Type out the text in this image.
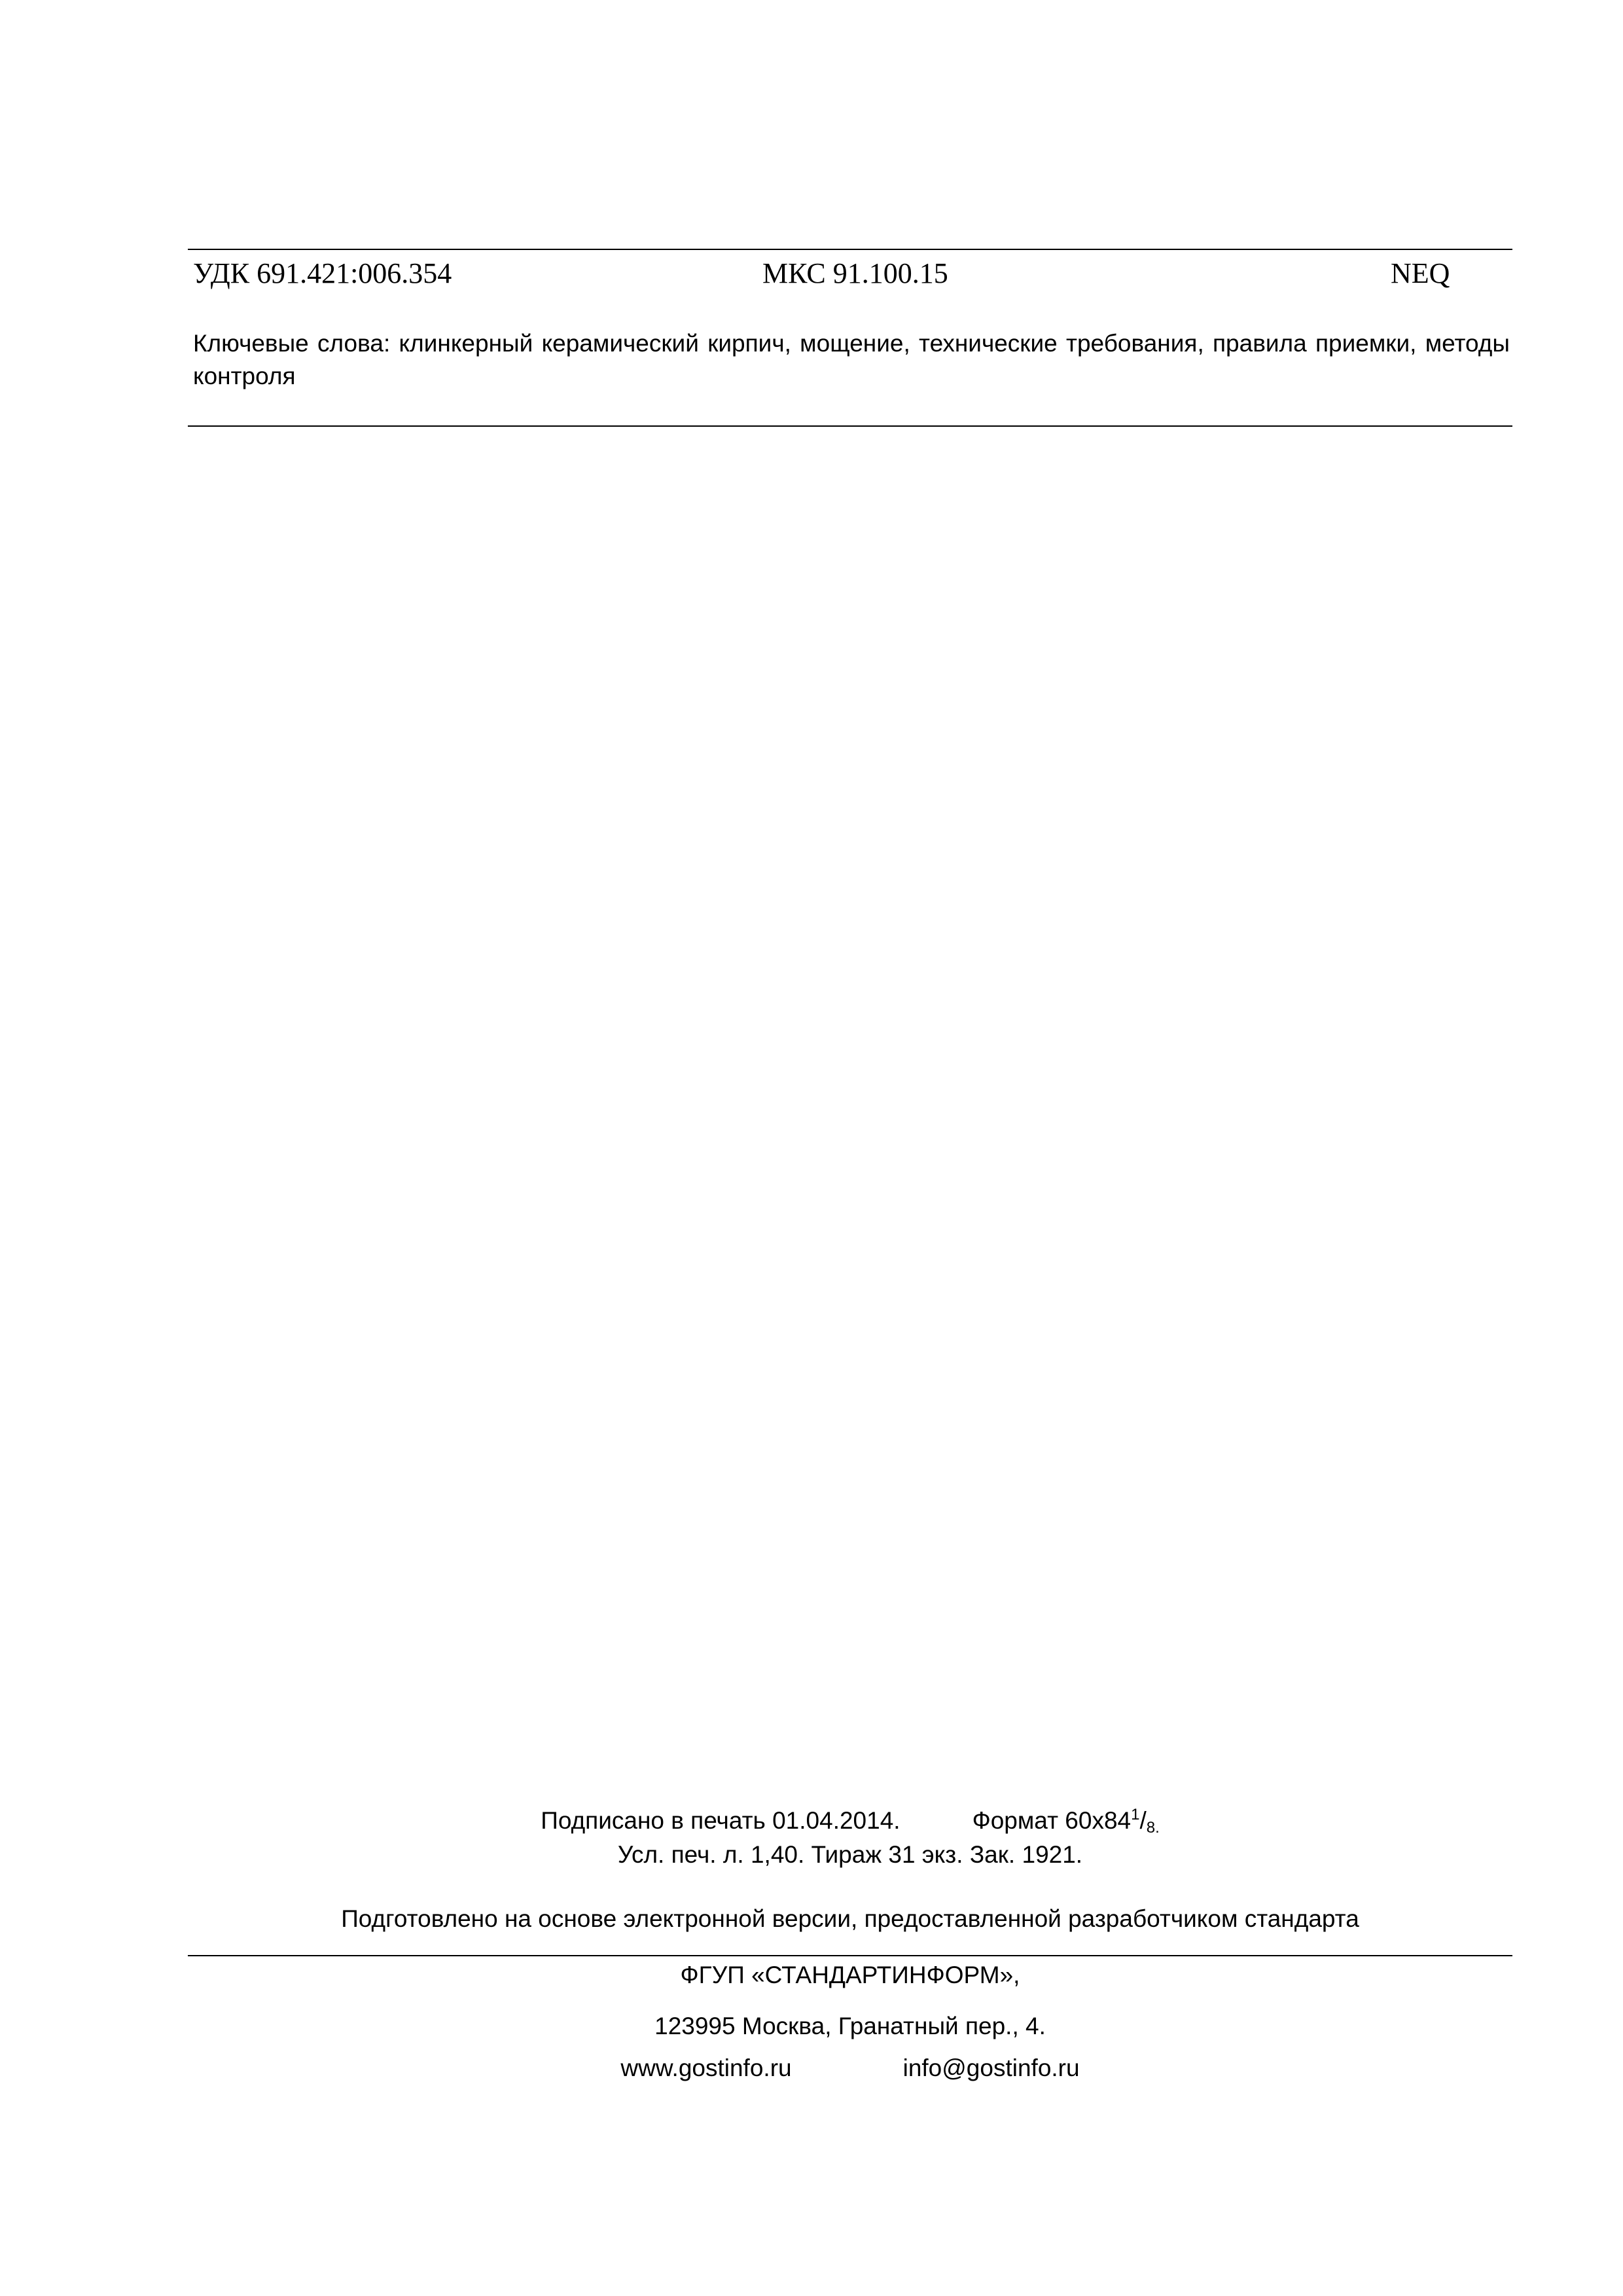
УДК 691.421:006.354	МКС 91.100.15	NEQ
Ключевые слова: клинкерный керамический кирпич, мощение, технические требования, правила приемки, методы контроля
Подписано в печать 01.04.2014.	Формат $60х84^1/_{8.}$
Усл. печ. л. 1,40. Тираж 31 экз. Зак. 1921.
Подготовлено на основе электронной версии, предоставленной разработчиком стандарта
ФГУП «СТАНДАРТИНФОРМ»,
123995 Москва, Гранатный пер., 4.
www.gostinfo.ru	info@gostinfo.ru
